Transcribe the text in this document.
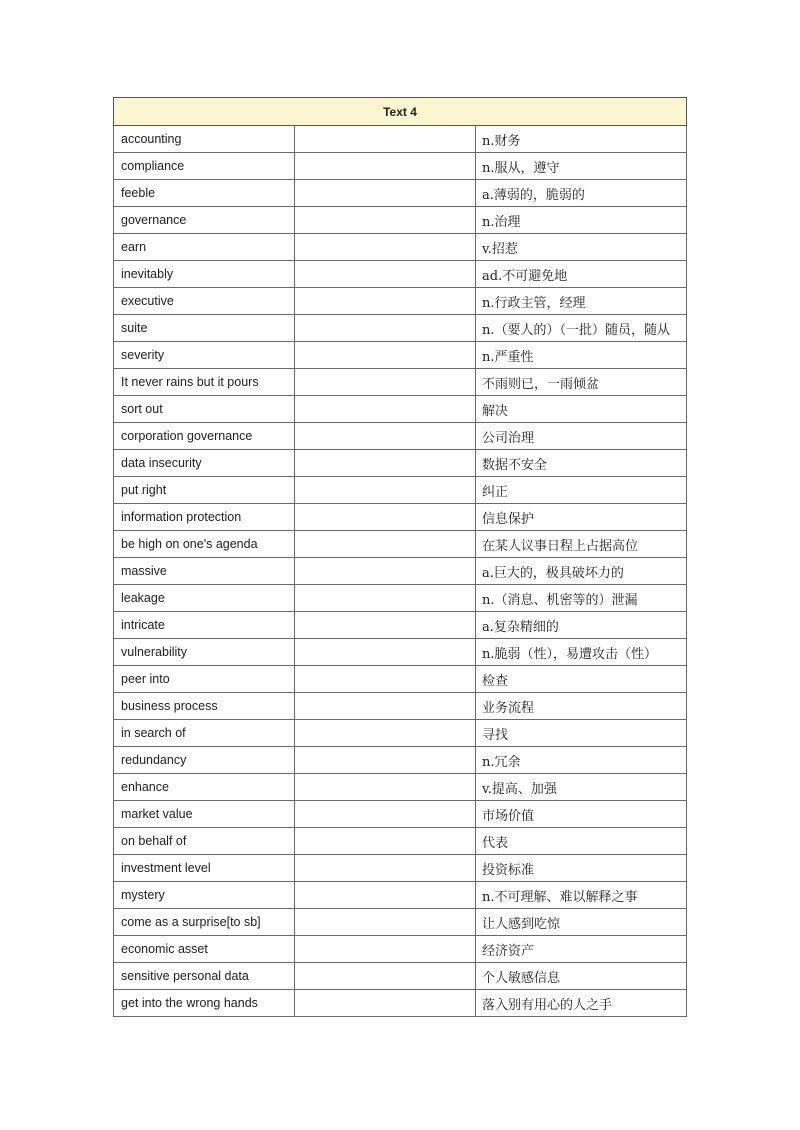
Text 4		
accounting		n.财务
compliance		n.服从，遵守
feeble		a.薄弱的，脆弱的
governance		n.治理
earn		v.招惹
inevitably		ad.不可避免地
executive		n.行政主管，经理
suite		n.（要人的）（一批）随员，随从
severity		n.严重性
It never rains but it pours		不雨则已，一雨倾盆
sort out		解决
corporation governance		公司治理
data insecurity		数据不安全
put right		纠正
information protection		信息保护
be high on one's agenda		在某人议事日程上占据高位
massive		a.巨大的，极具破坏力的
leakage		n.（消息、机密等的）泄漏
intricate		a.复杂精细的
vulnerability		n.脆弱（性），易遭攻击（性）
peer into		检查
business process		业务流程
in search of		寻找
redundancy		n.冗余
enhance		v.提高、加强
market value		市场价值
on behalf of		代表
investment level		投资标准
mystery		n.不可理解、难以解释之事
come as a surprise[to sb]		让人感到吃惊
economic asset		经济资产
sensitive personal data		个人敏感信息
get into the wrong hands		落入别有用心的人之手
